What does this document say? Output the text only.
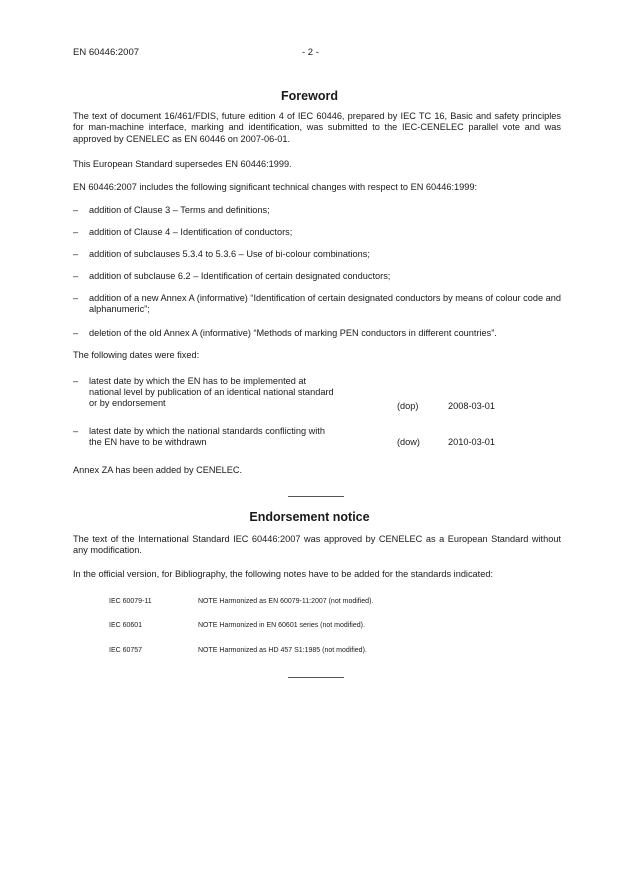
EN 60446:2007	- 2 -
Foreword
The text of document 16/461/FDIS, future edition 4 of IEC 60446, prepared by IEC TC 16, Basic and safety principles for man-machine interface, marking and identification, was submitted to the IEC-CENELEC parallel vote and was approved by CENELEC as EN 60446 on 2007-06-01.
This European Standard supersedes EN 60446:1999.
EN 60446:2007 includes the following significant technical changes with respect to EN 60446:1999:
– addition of Clause 3 – Terms and definitions;
– addition of Clause 4 – Identification of conductors;
– addition of subclauses 5.3.4 to 5.3.6 – Use of bi-colour combinations;
– addition of subclause 6.2 – Identification of certain designated conductors;
– addition of a new Annex A (informative) “Identification of certain designated conductors by means of colour code and alphanumeric”;
– deletion of the old Annex A (informative) “Methods of marking PEN conductors in different countries”.
The following dates were fixed:
– latest date by which the EN has to be implemented at national level by publication of an identical national standard or by endorsement	(dop)	2008-03-01
– latest date by which the national standards conflicting with the EN have to be withdrawn	(dow)	2010-03-01
Annex ZA has been added by CENELEC.
Endorsement notice
The text of the International Standard IEC 60446:2007 was approved by CENELEC as a European Standard without any modification.
In the official version, for Bibliography, the following notes have to be added for the standards indicated:
IEC 60079-11	NOTE Harmonized as EN 60079-11:2007 (not modified).
IEC 60601	NOTE Harmonized in EN 60601 series (not modified).
IEC 60757	NOTE Harmonized as HD 457 S1:1985 (not modified).
